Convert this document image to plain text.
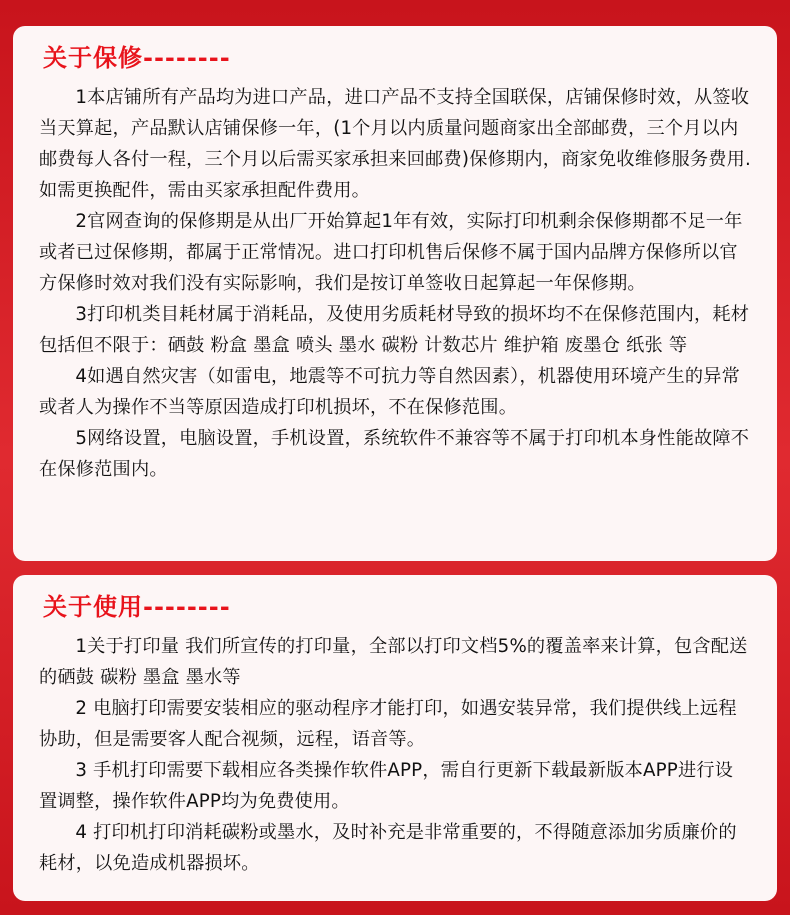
关于保修--------

1本店铺所有产品均为进口产品，进口产品不支持全国联保，店铺保修时效，从签收当天算起，产品默认店铺保修一年，(1个月以内质量问题商家出全部邮费，三个月以内邮费每人各付一程，三个月以后需买家承担来回邮费)保修期内，商家免收维修服务费用.如需更换配件，需由买家承担配件费用。

2官网查询的保修期是从出厂开始算起1年有效，实际打印机剩余保修期都不足一年或者已过保修期，都属于正常情况。进口打印机售后保修不属于国内品牌方保修所以官方保修时效对我们没有实际影响，我们是按订单签收日起算起一年保修期。

3打印机类目耗材属于消耗品，及使用劣质耗材导致的损坏均不在保修范围内，耗材包括但不限于：硒鼓 粉盒 墨盒 喷头 墨水 碳粉 计数芯片 维护箱 废墨仓 纸张 等

4如遇自然灾害（如雷电，地震等不可抗力等自然因素），机器使用环境产生的异常或者人为操作不当等原因造成打印机损坏，不在保修范围。

5网络设置，电脑设置，手机设置，系统软件不兼容等不属于打印机本身性能故障不在保修范围内。

关于使用--------

1关于打印量 我们所宣传的打印量，全部以打印文档5%的覆盖率来计算，包含配送的硒鼓 碳粉 墨盒 墨水等

2 电脑打印需要安装相应的驱动程序才能打印，如遇安装异常，我们提供线上远程协助，但是需要客人配合视频，远程，语音等。

3 手机打印需要下载相应各类操作软件APP，需自行更新下载最新版本APP进行设置调整，操作软件APP均为免费使用。

4 打印机打印消耗碳粉或墨水，及时补充是非常重要的，不得随意添加劣质廉价的耗材，以免造成机器损坏。
